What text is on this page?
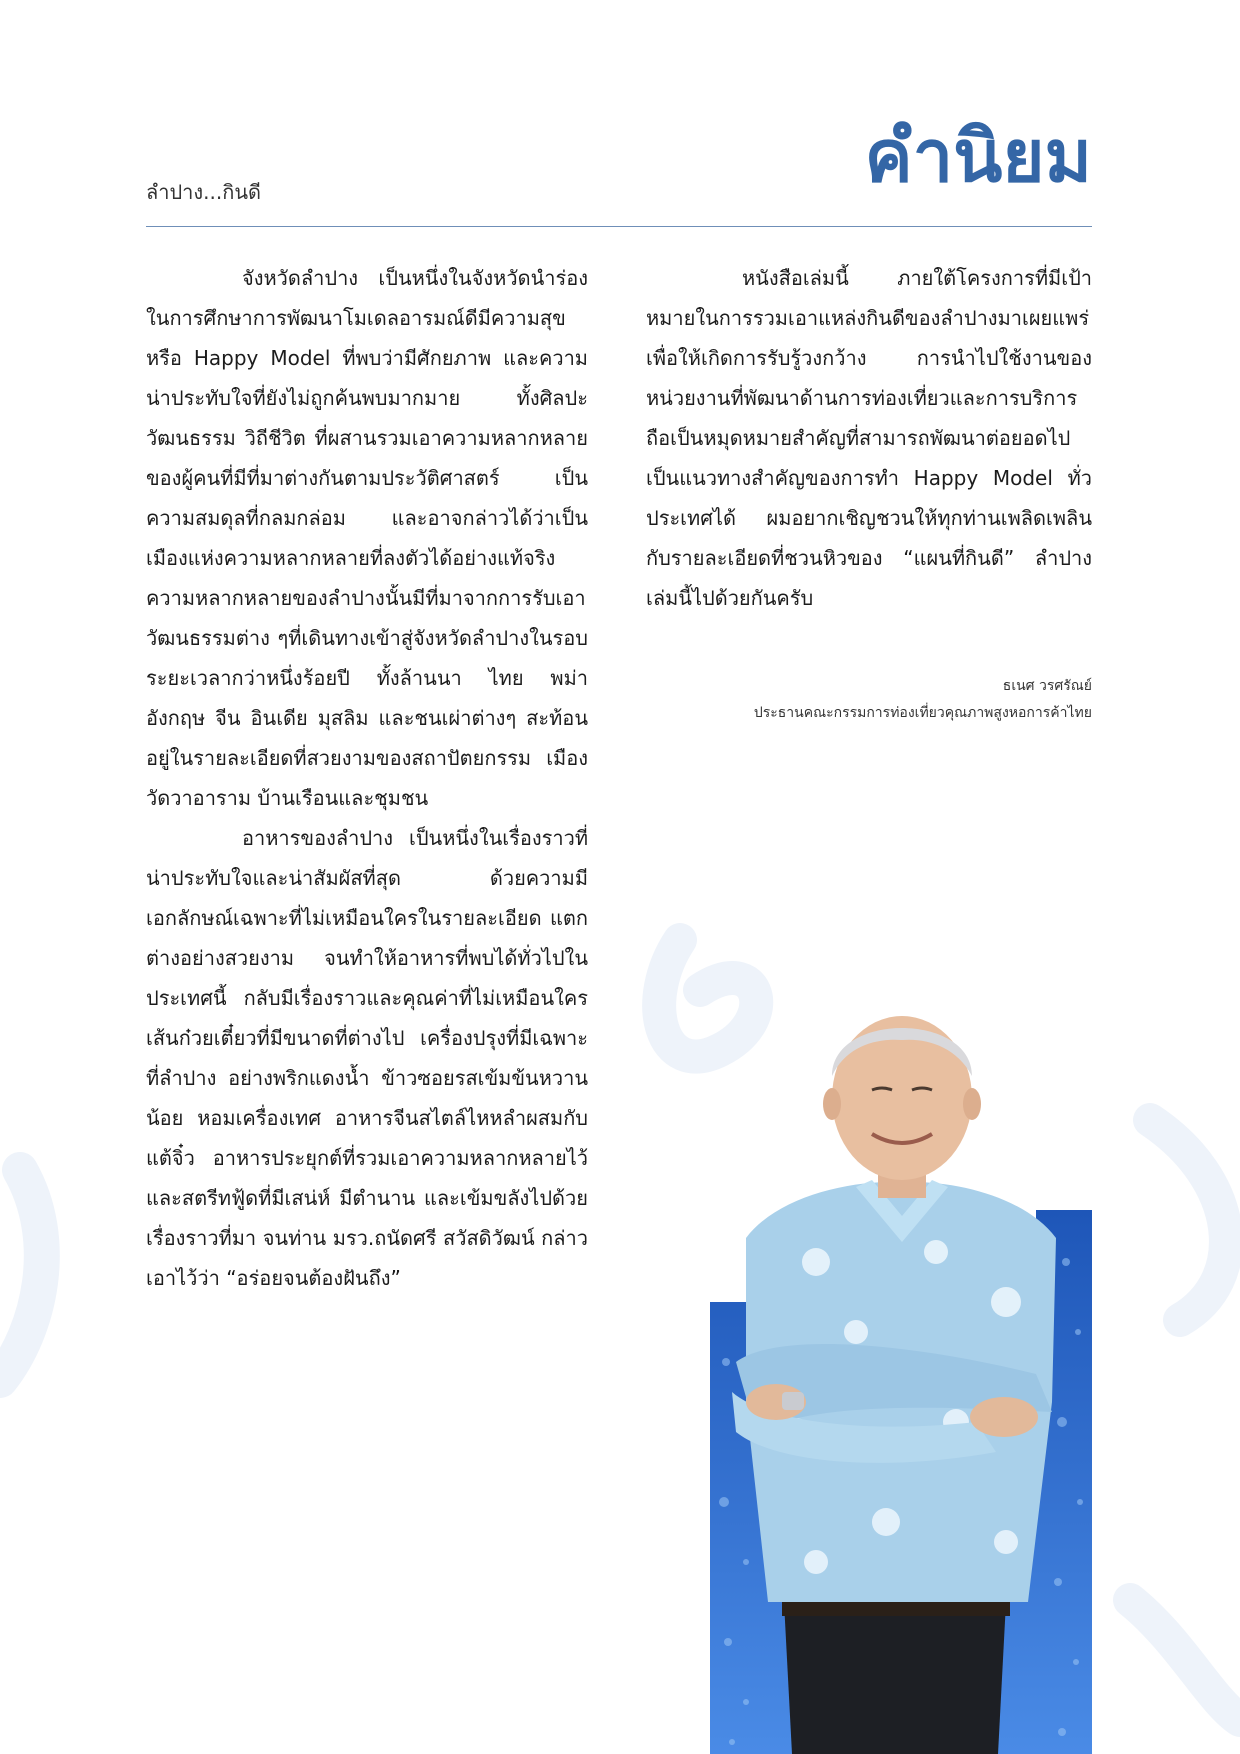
ลำปาง...กินดี	คำนิยม

จังหวัดลำปาง เป็นหนึ่งในจังหวัดนำร่องในการศึกษาการพัฒนาโมเดลอารมณ์ดีมีความสุข หรือ Happy Model ที่พบว่ามีศักยภาพ และความน่าประทับใจที่ยังไม่ถูกค้นพบมากมาย ทั้งศิลปะวัฒนธรรม วิถีชีวิต ที่ผสานรวมเอาความหลากหลายของผู้คนที่มีที่มาต่างกันตามประวัติศาสตร์ เป็นความสมดุลที่กลมกล่อม และอาจกล่าวได้ว่าเป็นเมืองแห่งความหลากหลายที่ลงตัวได้อย่างแท้จริง ความหลากหลายของลำปางนั้นมีที่มาจากการรับเอาวัฒนธรรมต่าง ๆที่เดินทางเข้าสู่จังหวัดลำปางในรอบระยะเวลากว่าหนึ่งร้อยปี ทั้งล้านนา ไทย พม่า อังกฤษ จีน อินเดีย มุสลิม และชนเผ่าต่างๆ สะท้อนอยู่ในรายละเอียดที่สวยงามของสถาปัตยกรรม เมือง วัดวาอาราม บ้านเรือนและชุมชน

อาหารของลำปาง เป็นหนึ่งในเรื่องราวที่น่าประทับใจและน่าสัมผัสที่สุด ด้วยความมีเอกลักษณ์เฉพาะที่ไม่เหมือนใครในรายละเอียด แตกต่างอย่างสวยงาม จนทำให้อาหารที่พบได้ทั่วไปในประเทศนี้ กลับมีเรื่องราวและคุณค่าที่ไม่เหมือนใคร เส้นก๋วยเตี๋ยวที่มีขนาดที่ต่างไป เครื่องปรุงที่มีเฉพาะที่ลำปาง อย่างพริกแดงน้ำ ข้าวซอยรสเข้มข้นหวานน้อย หอมเครื่องเทศ อาหารจีนสไตล์ไหหลำผสมกับแต้จิ๋ว อาหารประยุกต์ที่รวมเอาความหลากหลายไว้ และสตรีทฟู้ดที่มีเสน่ห์ มีตำนาน และเข้มขลังไปด้วยเรื่องราวที่มา จนท่าน มรว.ถนัดศรี สวัสดิวัฒน์ กล่าวเอาไว้ว่า “อร่อยจนต้องฝันถึง”

หนังสือเล่มนี้ ภายใต้โครงการที่มีเป้าหมายในการรวมเอาแหล่งกินดีของลำปางมาเผยแพร่ เพื่อให้เกิดการรับรู้วงกว้าง การนำไปใช้งานของหน่วยงานที่พัฒนาด้านการท่องเที่ยวและการบริการ ถือเป็นหมุดหมายสำคัญที่สามารถพัฒนาต่อยอดไปเป็นแนวทางสำคัญของการทำ Happy Model ทั่วประเทศได้ ผมอยากเชิญชวนให้ทุกท่านเพลิดเพลินกับรายละเอียดที่ชวนหิวของ “แผนที่กินดี” ลำปาง เล่มนี้ไปด้วยกันครับ

ธเนศ วรศรัณย์
ประธานคณะกรรมการท่องเที่ยวคุณภาพสูงหอการค้าไทย
